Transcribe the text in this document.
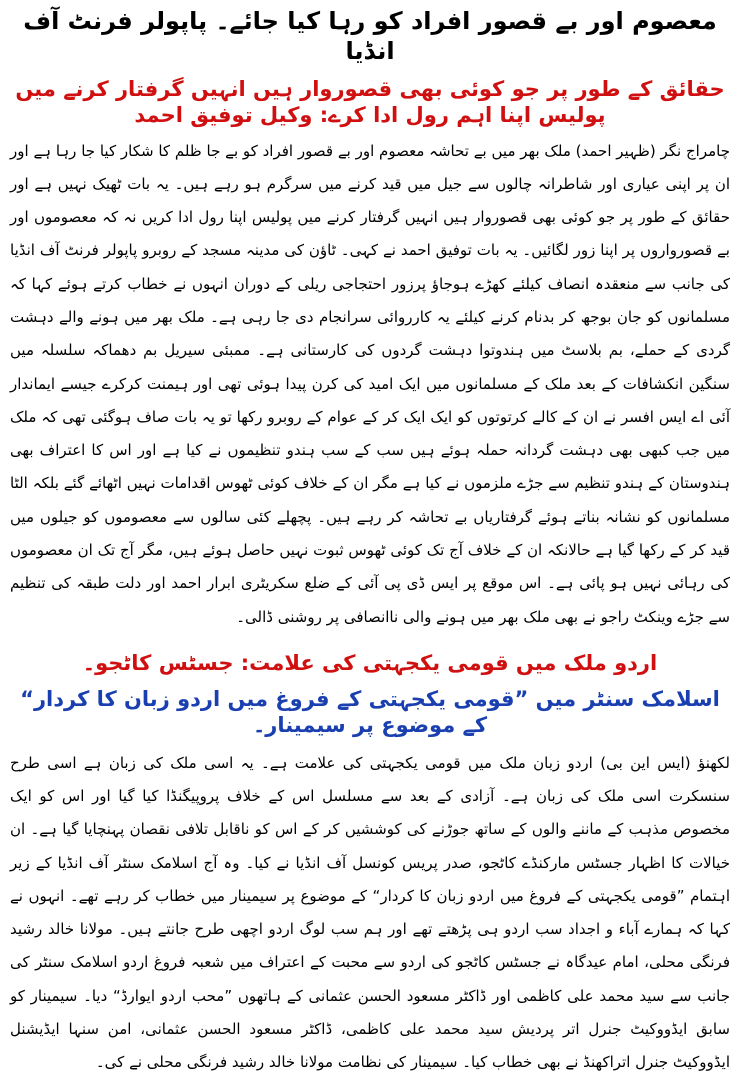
معصوم اور بے قصور افراد کو رہا کیا جائے۔ پاپولر فرنٹ آف انڈیا
حقائق کے طور پر جو کوئی بھی قصوروار ہیں انہیں گرفتار کرنے میں پولیس اپنا اہم رول ادا کرے: وکیل توفیق احمد

چامراج نگر (ظہیر احمد) ملک بھر میں بے تحاشہ معصوم اور بے قصور افراد کو بے جا ظلم کا شکار کیا جا رہا ہے اور ان پر اپنی عیاری اور شاطرانہ چالوں سے جیل میں قید کرنے میں سرگرم ہو رہے ہیں۔ یہ بات ٹھیک نہیں ہے اور حقائق کے طور پر جو کوئی بھی قصوروار ہیں انہیں گرفتار کرنے میں پولیس اپنا رول ادا کریں نہ کہ معصوموں اور بے قصورواروں پر اپنا زور لگائیں۔ یہ بات توفیق احمد نے کہی۔ ٹاؤن کی مدینہ مسجد کے روبرو پاپولر فرنٹ آف انڈیا کی جانب سے منعقدہ انصاف کیلئے کھڑے ہوجاؤ پرزور احتجاجی ریلی کے دوران انہوں نے خطاب کرتے ہوئے کہا کہ مسلمانوں کو جان بوجھ کر بدنام کرنے کیلئے یہ کارروائی سرانجام دی جا رہی ہے۔ ملک بھر میں ہونے والے دہشت گردی کے حملے، بم بلاسٹ میں ہندوتوا دہشت گردوں کی کارستانی ہے۔ ممبئی سیریل بم دھماکہ سلسلہ میں سنگین انکشافات کے بعد ملک کے مسلمانوں میں ایک امید کی کرن پیدا ہوئی تھی اور ہیمنت کرکرے جیسے ایماندار آئی اے ایس افسر نے ان کے کالے کرتوتوں کو ایک ایک کر کے عوام کے روبرو رکھا تو یہ بات صاف ہوگئی تھی کہ ملک میں جب کبھی بھی دہشت گردانہ حملہ ہوئے ہیں سب کے سب ہندو تنظیموں نے کیا ہے اور اس کا اعتراف بھی ہندوستان کے ہندو تنظیم سے جڑے ملزموں نے کیا ہے مگر ان کے خلاف کوئی ٹھوس اقدامات نہیں اٹھائے گئے بلکہ الٹا مسلمانوں کو نشانہ بناتے ہوئے گرفتاریاں بے تحاشہ کر رہے ہیں۔ پچھلے کئی سالوں سے معصوموں کو جیلوں میں قید کر کے رکھا گیا ہے حالانکہ ان کے خلاف آج تک کوئی ٹھوس ثبوت نہیں حاصل ہوئے ہیں، مگر آج تک ان معصوموں کی رہائی نہیں ہو پائی ہے۔ اس موقع پر ایس ڈی پی آئی کے ضلع سکریٹری ابرار احمد اور دلت طبقہ کی تنظیم سے جڑے وینکٹ راجو نے بھی ملک بھر میں ہونے والی ناانصافی پر روشنی ڈالی۔

اردو ملک میں قومی یکجہتی کی علامت: جسٹس کاٹجو۔
اسلامک سنٹر میں ”قومی یکجہتی کے فروغ میں اردو زبان کا کردار“ کے موضوع پر سیمینار۔

لکھنؤ (ایس این بی) اردو زبان ملک میں قومی یکجہتی کی علامت ہے۔ یہ اسی ملک کی زبان ہے اسی طرح سنسکرت اسی ملک کی زبان ہے۔ آزادی کے بعد سے مسلسل اس کے خلاف پروپیگنڈا کیا گیا اور اس کو ایک مخصوص مذہب کے ماننے والوں کے ساتھ جوڑنے کی کوششیں کر کے اس کو ناقابل تلافی نقصان پہنچایا گیا ہے۔ ان خیالات کا اظہار جسٹس مارکنڈے کاٹجو، صدر پریس کونسل آف انڈیا نے کیا۔ وہ آج اسلامک سنٹر آف انڈیا کے زیر اہتمام ”قومی یکجہتی کے فروغ میں اردو زبان کا کردار“ کے موضوع پر سیمینار میں خطاب کر رہے تھے۔ انہوں نے کہا کہ ہمارے آباء و اجداد سب اردو ہی پڑھتے تھے اور ہم سب لوگ اردو اچھی طرح جانتے ہیں۔ مولانا خالد رشید فرنگی محلی، امام عیدگاہ نے جسٹس کاٹجو کی اردو سے محبت کے اعتراف میں شعبہ فروغ اردو اسلامک سنٹر کی جانب سے سید محمد علی کاظمی اور ڈاکٹر مسعود الحسن عثمانی کے ہاتھوں ”محب اردو ایوارڈ“ دیا۔ سیمینار کو سابق ایڈووکیٹ جنرل اتر پردیش سید محمد علی کاظمی، ڈاکٹر مسعود الحسن عثمانی، امن سنہا ایڈیشنل ایڈووکیٹ جنرل اتراکھنڈ نے بھی خطاب کیا۔ سیمینار کی نظامت مولانا خالد رشید فرنگی محلی نے کی۔
